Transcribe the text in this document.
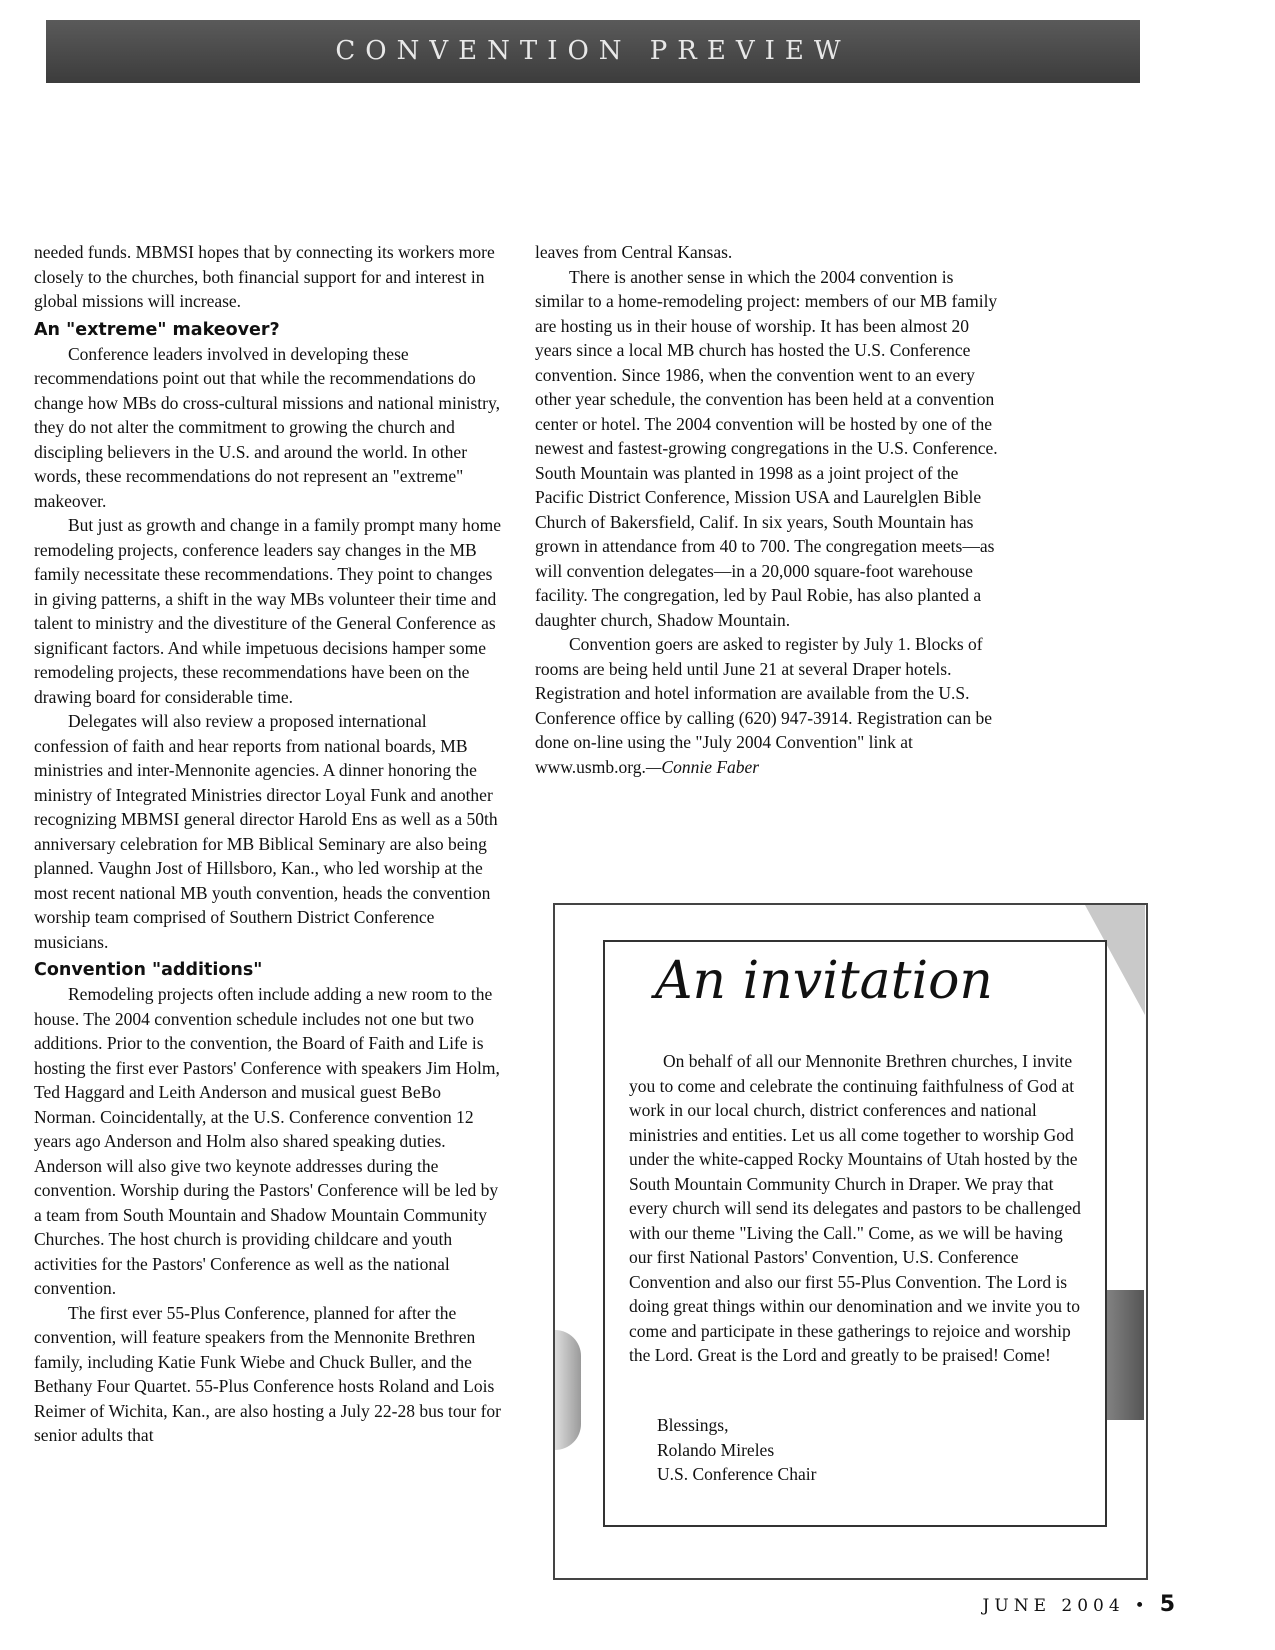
CONVENTION PREVIEW

needed funds. MBMSI hopes that by connecting its workers more closely to the churches, both financial support for and interest in global missions will increase.

An "extreme" makeover?

Conference leaders involved in developing these recommendations point out that while the recommendations do change how MBs do cross-cultural missions and national ministry, they do not alter the commitment to growing the church and discipling believers in the U.S. and around the world. In other words, these recommendations do not represent an "extreme" makeover.

But just as growth and change in a family prompt many home remodeling projects, conference leaders say changes in the MB family necessitate these recommendations. They point to changes in giving patterns, a shift in the way MBs volunteer their time and talent to ministry and the divestiture of the General Conference as significant factors. And while impetuous decisions hamper some remodeling projects, these recommendations have been on the drawing board for considerable time.

Delegates will also review a proposed international confession of faith and hear reports from national boards, MB ministries and inter-Mennonite agencies. A dinner honoring the ministry of Integrated Ministries director Loyal Funk and another recognizing MBMSI general director Harold Ens as well as a 50th anniversary celebration for MB Biblical Seminary are also being planned. Vaughn Jost of Hillsboro, Kan., who led worship at the most recent national MB youth convention, heads the convention worship team comprised of Southern District Conference musicians.

Convention "additions"

Remodeling projects often include adding a new room to the house. The 2004 convention schedule includes not one but two additions. Prior to the convention, the Board of Faith and Life is hosting the first ever Pastors' Conference with speakers Jim Holm, Ted Haggard and Leith Anderson and musical guest BeBo Norman. Coincidentally, at the U.S. Conference convention 12 years ago Anderson and Holm also shared speaking duties. Anderson will also give two keynote addresses during the convention. Worship during the Pastors' Conference will be led by a team from South Mountain and Shadow Mountain Community Churches. The host church is providing childcare and youth activities for the Pastors' Conference as well as the national convention.

The first ever 55-Plus Conference, planned for after the convention, will feature speakers from the Mennonite Brethren family, including Katie Funk Wiebe and Chuck Buller, and the Bethany Four Quartet. 55-Plus Conference hosts Roland and Lois Reimer of Wichita, Kan., are also hosting a July 22-28 bus tour for senior adults that

leaves from Central Kansas.

There is another sense in which the 2004 convention is similar to a home-remodeling project: members of our MB family are hosting us in their house of worship. It has been almost 20 years since a local MB church has hosted the U.S. Conference convention. Since 1986, when the convention went to an every other year schedule, the convention has been held at a convention center or hotel. The 2004 convention will be hosted by one of the newest and fastest-growing congregations in the U.S. Conference. South Mountain was planted in 1998 as a joint project of the Pacific District Conference, Mission USA and Laurelglen Bible Church of Bakersfield, Calif. In six years, South Mountain has grown in attendance from 40 to 700. The congregation meets—as will convention delegates—in a 20,000 square-foot warehouse facility. The congregation, led by Paul Robie, has also planted a daughter church, Shadow Mountain.

Convention goers are asked to register by July 1. Blocks of rooms are being held until June 21 at several Draper hotels. Registration and hotel information are available from the U.S. Conference office by calling (620) 947-3914. Registration can be done on-line using the "July 2004 Convention" link at www.usmb.org.—Connie Faber

An invitation

On behalf of all our Mennonite Brethren churches, I invite you to come and celebrate the continuing faithfulness of God at work in our local church, district conferences and national ministries and entities. Let us all come together to worship God under the white-capped Rocky Mountains of Utah hosted by the South Mountain Community Church in Draper. We pray that every church will send its delegates and pastors to be challenged with our theme "Living the Call." Come, as we will be having our first National Pastors' Convention, U.S. Conference Convention and also our first 55-Plus Convention. The Lord is doing great things within our denomination and we invite you to come and participate in these gatherings to rejoice and worship the Lord. Great is the Lord and greatly to be praised! Come!

Blessings,
Rolando Mireles
U.S. Conference Chair
JUNE 2004 • 5
